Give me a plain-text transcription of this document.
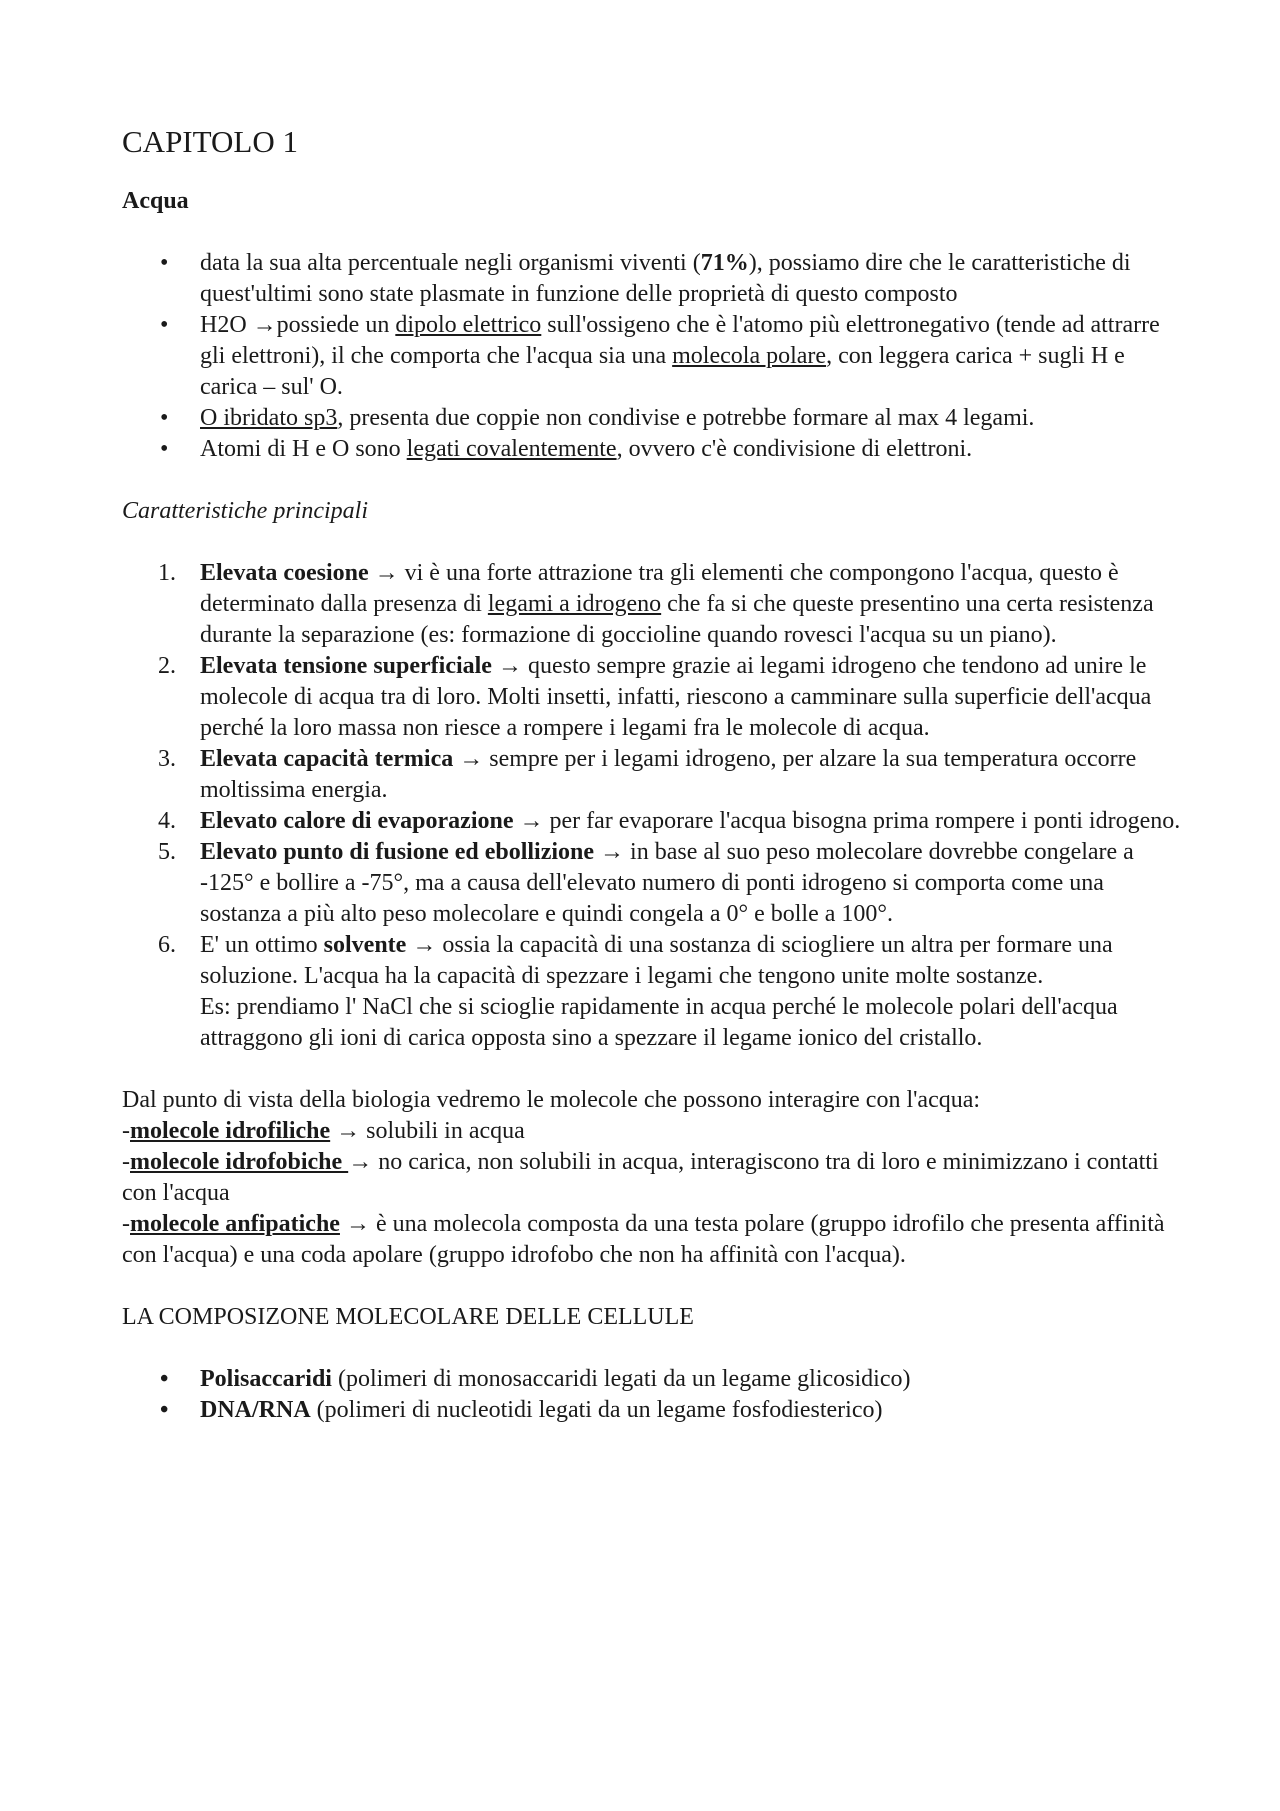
CAPITOLO 1
Acqua
•	data la sua alta percentuale negli organismi viventi (71%), possiamo dire che le caratteristiche di quest'ultimi sono state plasmate in funzione delle proprietà di questo composto
•	H2O →possiede un dipolo elettrico sull'ossigeno che è l'atomo più elettronegativo (tende ad attrarre gli elettroni), il che comporta che l'acqua sia una molecola polare, con leggera carica + sugli H e carica – sul' O.
•	O ibridato sp3, presenta due coppie non condivise e potrebbe formare al max 4 legami.
•	Atomi di H e O sono legati covalentemente, ovvero c'è condivisione di elettroni.
Caratteristiche principali
1.	Elevata coesione → vi è una forte attrazione tra gli elementi che compongono l'acqua, questo è determinato dalla presenza di legami a idrogeno che fa si che queste presentino una certa resistenza durante la separazione (es: formazione di goccioline quando rovesci l'acqua su un piano).
2.	Elevata tensione superficiale → questo sempre grazie ai legami idrogeno che tendono ad unire le molecole di acqua tra di loro. Molti insetti, infatti, riescono a camminare sulla superficie dell'acqua perché la loro massa non riesce a rompere i legami fra le molecole di acqua.
3.	Elevata capacità termica → sempre per i legami idrogeno, per alzare la sua temperatura occorre moltissima energia.
4.	Elevato calore di evaporazione → per far evaporare l'acqua bisogna prima rompere i ponti idrogeno.
5.	Elevato punto di fusione ed ebollizione → in base al suo peso molecolare dovrebbe congelare a -125° e bollire a -75°, ma a causa dell'elevato numero di ponti idrogeno si comporta come una sostanza a più alto peso molecolare e quindi congela a 0° e bolle a 100°.
6.	E' un ottimo solvente → ossia la capacità di una sostanza di sciogliere un altra per formare una soluzione. L'acqua ha la capacità di spezzare i legami che tengono unite molte sostanze.
Es: prendiamo l' NaCl che si scioglie rapidamente in acqua perché le molecole polari dell'acqua attraggono gli ioni di carica opposta sino a spezzare il legame ionico del cristallo.

Dal punto di vista della biologia vedremo le molecole che possono interagire con l'acqua:
-molecole idrofiliche → solubili in acqua
-molecole idrofobiche → no carica, non solubili in acqua, interagiscono tra di loro e minimizzano i contatti con l'acqua
-molecole anfipatiche → è una molecola composta da una testa polare (gruppo idrofilo che presenta affinità con l'acqua) e una coda apolare (gruppo idrofobo che non ha affinità con l'acqua).

LA COMPOSIZONE MOLECOLARE DELLE CELLULE
•	Polisaccaridi (polimeri di monosaccaridi legati da un legame glicosidico)
•	DNA/RNA (polimeri di nucleotidi legati da un legame fosfodiesterico)
